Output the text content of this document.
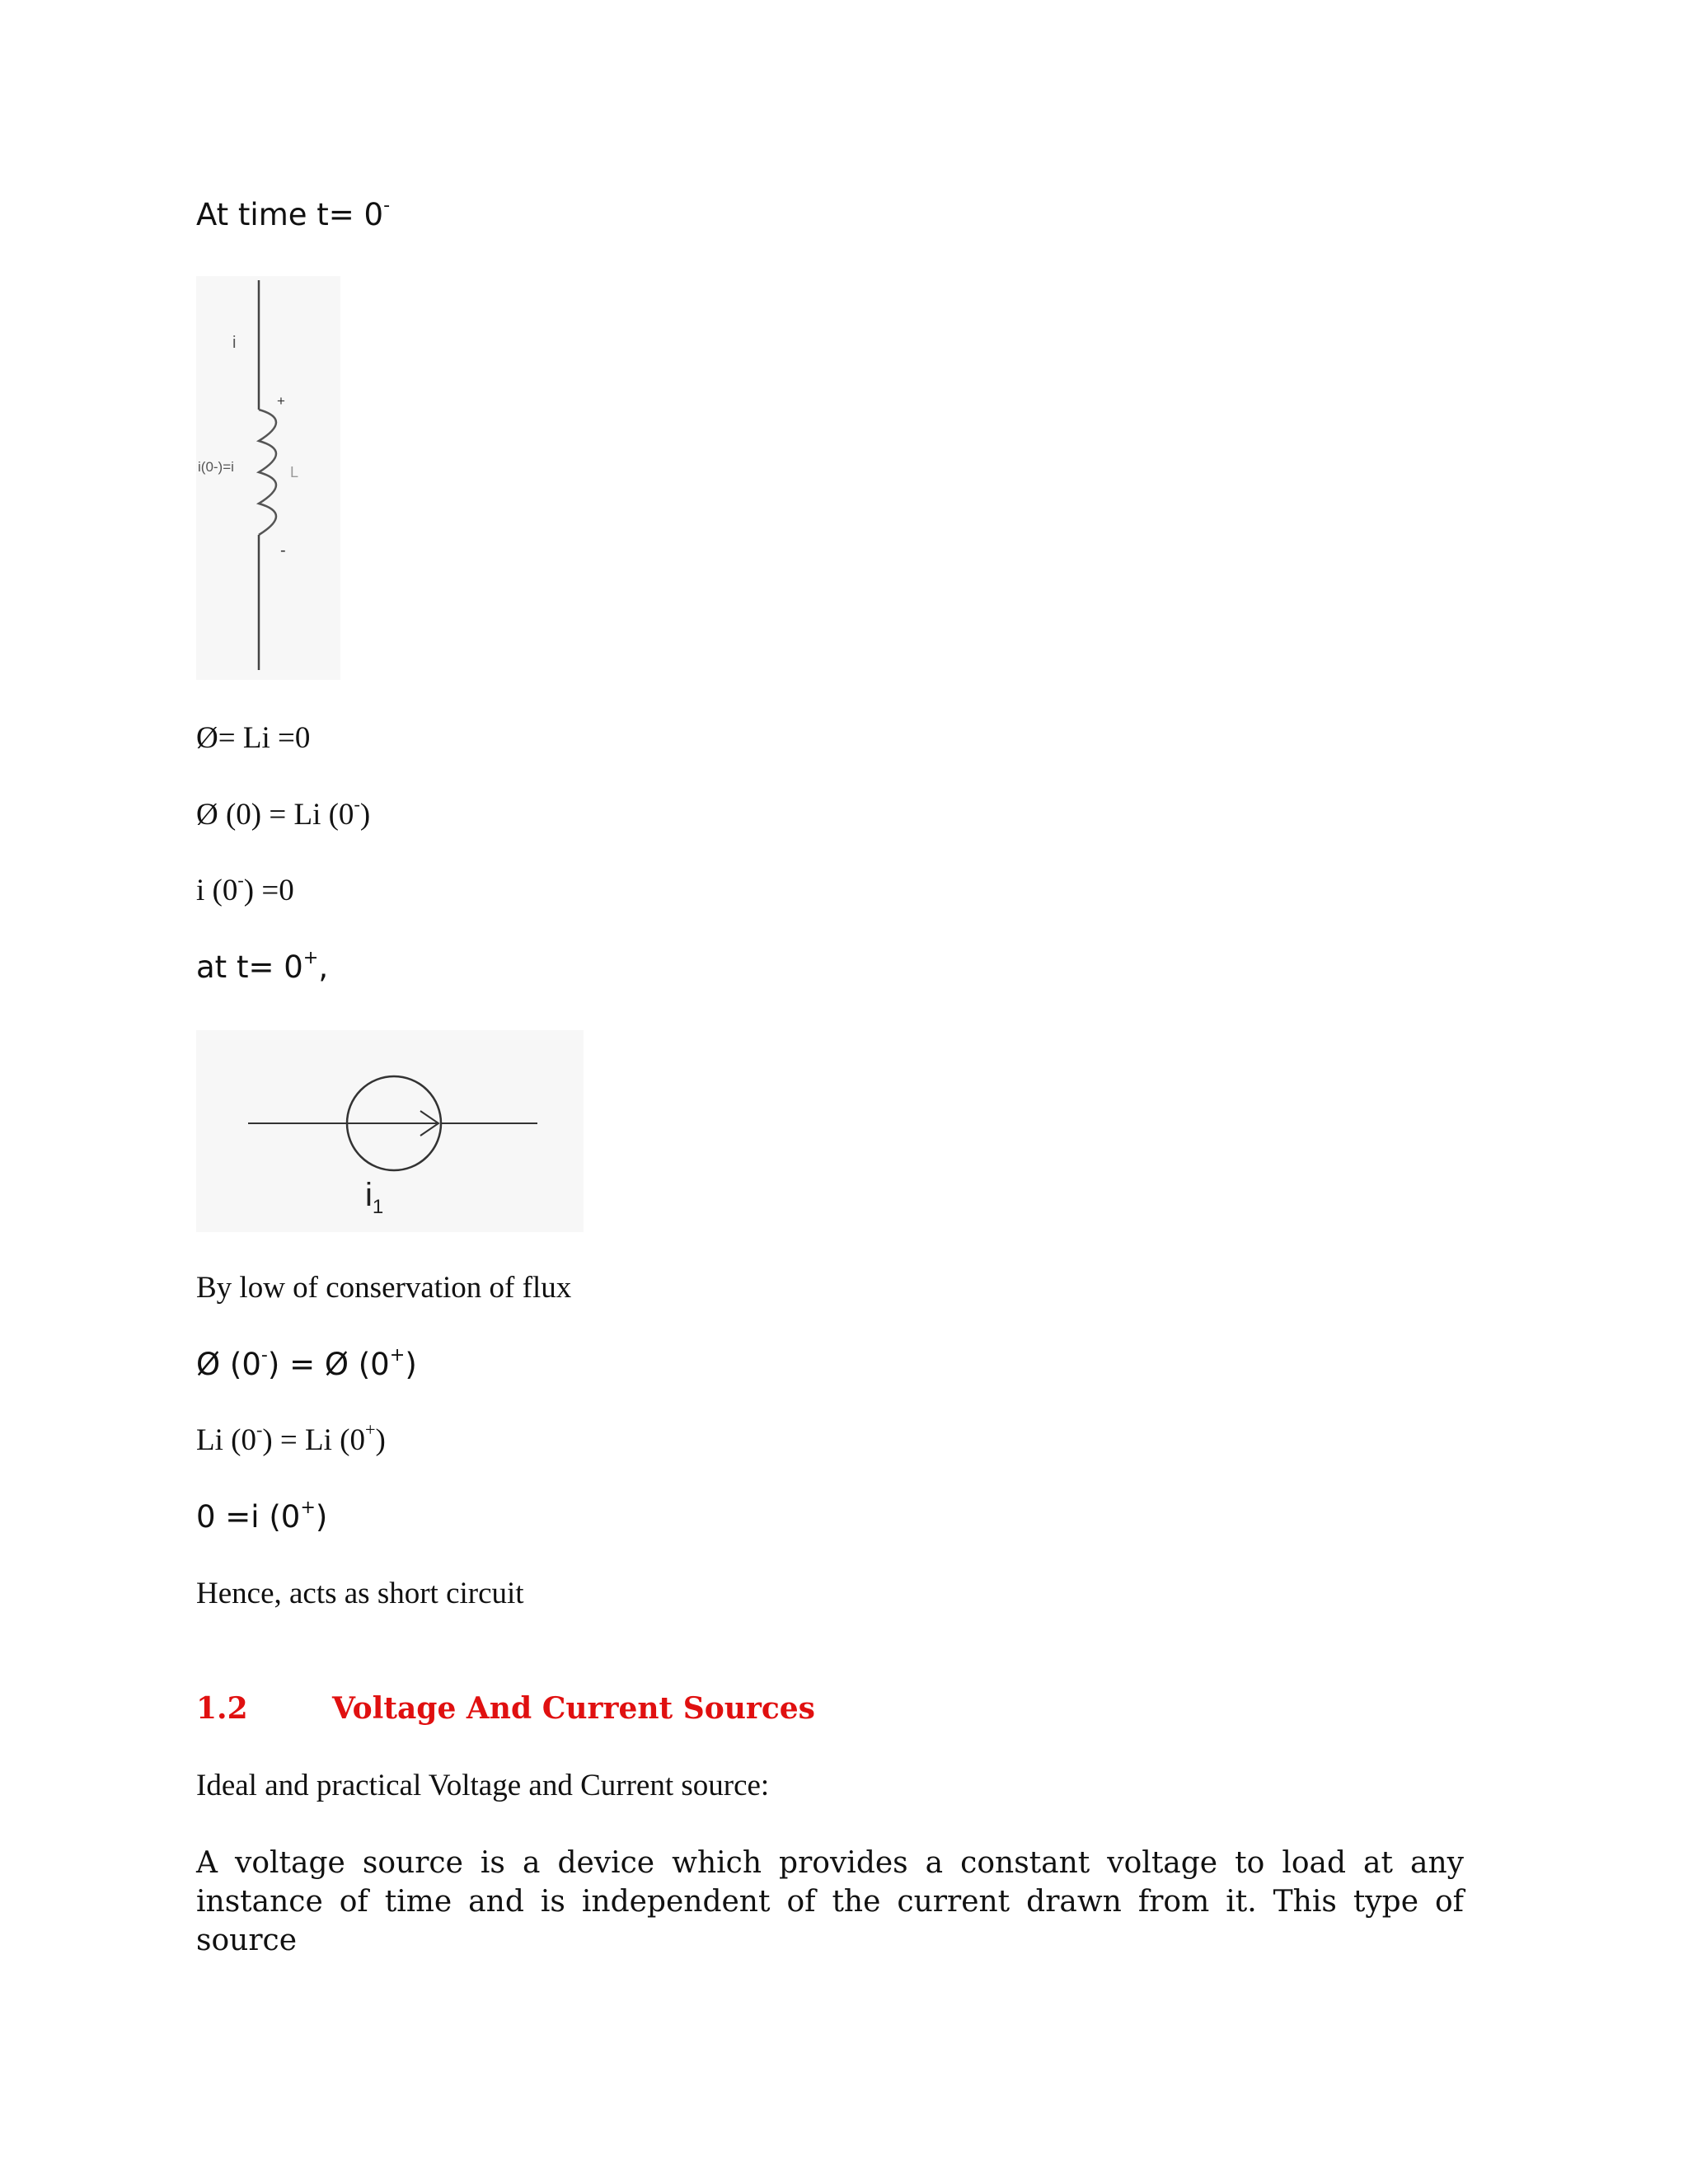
At time t= 0-
i
i(0-)=i
+
L
-
Ø= Li =0
Ø (0) = Li (0-)
i (0-) =0
at t= 0+,
$i_1$
By low of conservation of flux
Ø (0-) = Ø (0+)
Li (0-) = Li (0+)
0 =i (0+)
Hence, acts as short circuit
1.2	Voltage And Current Sources
Ideal and practical Voltage and Current source:

A voltage source is a device which provides a constant voltage to load at any

instance of time and is independent of the current drawn from it. This type of source
